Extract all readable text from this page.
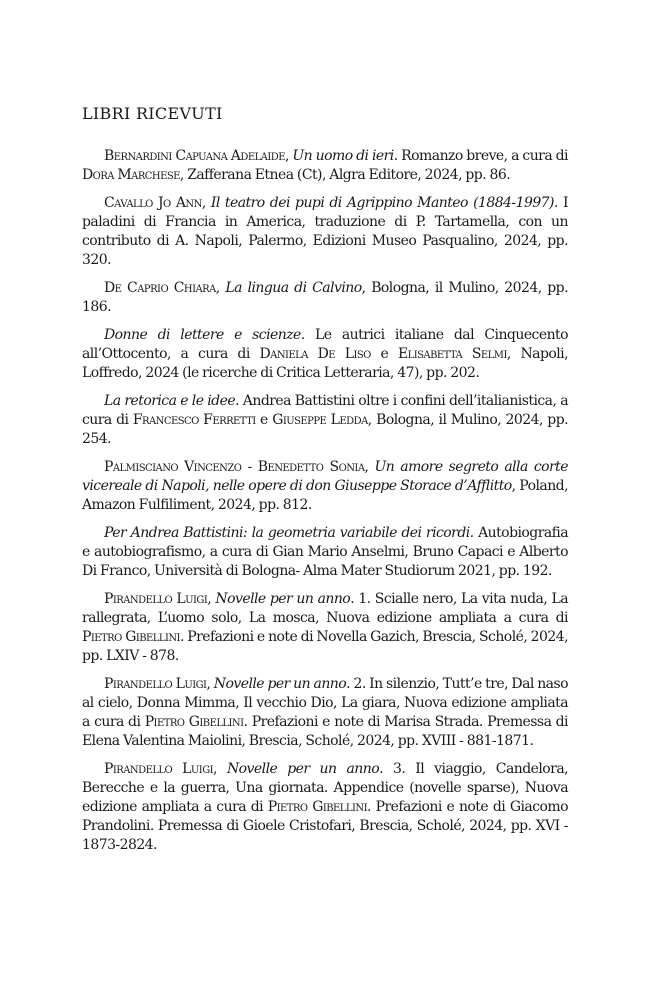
LIBRI RICEVUTI

Bernardini Capuana Adelaide, Un uomo di ieri. Romanzo breve, a cura di Dora Marchese, Zafferana Etnea (Ct), Algra Editore, 2024, pp. 86.

Cavallo Jo Ann, Il teatro dei pupi di Agrippino Manteo (1884-1997). I paladini di Francia in America, traduzione di P. Tartamella, con un contributo di A. Napoli, Palermo, Edizioni Museo Pasqualino, 2024, pp. 320.

De Caprio Chiara, La lingua di Calvino, Bologna, il Mulino, 2024, pp. 186.

Donne di lettere e scienze. Le autrici italiane dal Cinquecento all’Ottocento, a cura di Daniela De Liso e Elisabetta Selmi, Napoli, Loffredo, 2024 (le ricerche di Critica Letteraria, 47), pp. 202.

La retorica e le idee. Andrea Battistini oltre i confini dell’italianistica, a cura di Francesco Ferretti e Giuseppe Ledda, Bologna, il Mulino, 2024, pp. 254.

Palmisciano Vincenzo - Benedetto Sonia, Un amore segreto alla corte vicereale di Napoli, nelle opere di don Giuseppe Storace d’Afflitto, Poland, Amazon Fulfiliment, 2024, pp. 812.

Per Andrea Battistini: la geometria variabile dei ricordi. Autobiografia e autobiografismo, a cura di Gian Mario Anselmi, Bruno Capaci e Alberto Di Franco, Università di Bologna- Alma Mater Studiorum 2021, pp. 192.

Pirandello Luigi, Novelle per un anno. 1. Scialle nero, La vita nuda, La rallegrata, L’uomo solo, La mosca, Nuova edizione ampliata a cura di Pietro Gibellini. Prefazioni e note di Novella Gazich, Brescia, Scholé, 2024, pp. LXIV - 878.

Pirandello Luigi, Novelle per un anno. 2. In silenzio, Tutt’e tre, Dal naso al cielo, Donna Mimma, Il vecchio Dio, La giara, Nuova edizione ampliata a cura di Pietro Gibellini. Prefazioni e note di Marisa Strada. Premessa di Elena Valentina Maiolini, Brescia, Scholé, 2024, pp. XVIII - 881-1871.

Pirandello Luigi, Novelle per un anno. 3. Il viaggio, Candelora, Berecche e la guerra, Una giornata. Appendice (novelle sparse), Nuova edizione ampliata a cura di Pietro Gibellini. Prefazioni e note di Giacomo Prandolini. Premessa di Gioele Cristofari, Brescia, Scholé, 2024, pp. XVI - 1873-2824.
